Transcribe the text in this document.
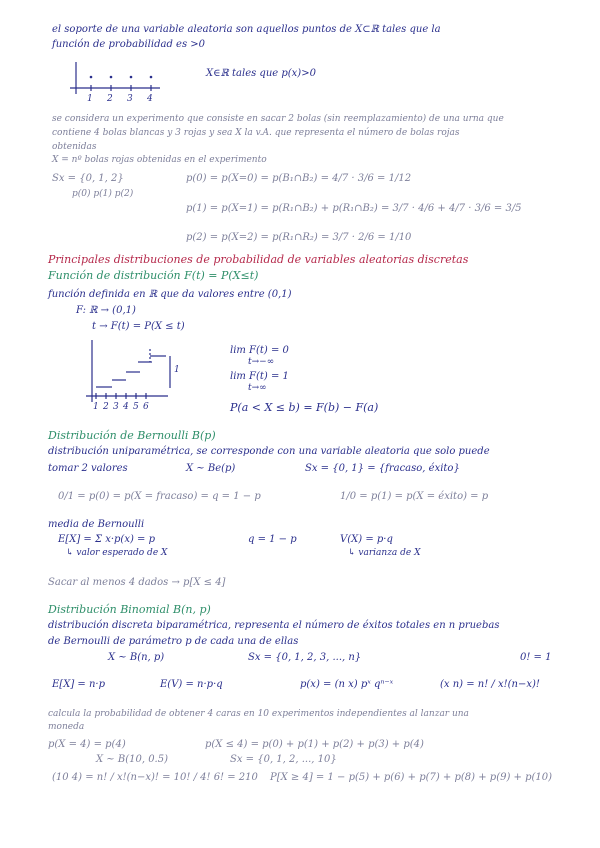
el soporte de una variable aleatoria son aquellos puntos de X⊂ℝ tales que la
función de probabilidad es >0
1 2 3 4
X∈ℝ tales que p(x)>0
se considera un experimento que consiste en sacar 2 bolas (sin reemplazamiento) de una urna que
contiene 4 bolas blancas y 3 rojas y sea X la v.A. que representa el número de bolas rojas
obtenidas
X = nº bolas rojas obtenidas en el experimento
Sx = {0, 1, 2}
p(0) p(1) p(2)
p(0) = p(X=0) = p(B₁∩B₂) = 4/7 · 3/6 = 1/12
p(1) = p(X=1) = p(R₁∩B₂) + p(R₁∩B₂) = 3/7 · 4/6 + 4/7 · 3/6 = 3/5
p(2) = p(X=2) = p(R₁∩R₂) = 3/7 · 2/6 = 1/10
Principales distribuciones de probabilidad de variables aleatorias discretas
Función de distribución F(t) = P(X≤t)
función definida en ℝ que da valores entre (0,1)
F: ℝ → (0,1)
t → F(t) = P(X ≤ t)
lim F(t) = 0
t→−∞
lim F(t) = 1
t→∞
P(a < X ≤ b) = F(b) − F(a)
1 2 3 4 5 6
1
Distribución de Bernoulli B(p)
distribución uniparamétrica, se corresponde con una variable aleatoria que solo puede
tomar 2 valores	X ~ Be(p)	Sx = {0, 1} = {fracaso, éxito}
0/1 = p(0) = p(X = fracaso) = q = 1 − p	1/0 = p(1) = p(X = éxito) = p
media de Bernoulli
E[X] = Σ x·p(x) = p	q = 1 − p	V(X) = p·q
↳ valor esperado de X	↳ varianza de X
Sacar al menos 4 dados → p[X ≤ 4]
Distribución Binomial B(n, p)
distribución discreta biparamétrica, representa el número de éxitos totales en n pruebas
de Bernoulli de parámetro p de cada una de ellas
X ~ B(n, p)	Sx = {0, 1, 2, 3, ..., n}	0! = 1
E[X] = n·p	E(V) = n·p·q	p(x) = (n x) pˣ qⁿ⁻ˣ	(x n) = n! / x!(n−x)!
calcula la probabilidad de obtener 4 caras en 10 experimentos independientes al lanzar una
moneda
p(X = 4) = p(4)	p(X ≤ 4) = p(0) + p(1) + p(2) + p(3) + p(4)
X ~ B(10, 0.5)	Sx = {0, 1, 2, ..., 10}
(10 4) = n! / x!(n−x)! = 10! / 4! 6! = 210 P[X ≥ 4] = 1 − p(5) + p(6) + p(7) + p(8) + p(9) + p(10)
